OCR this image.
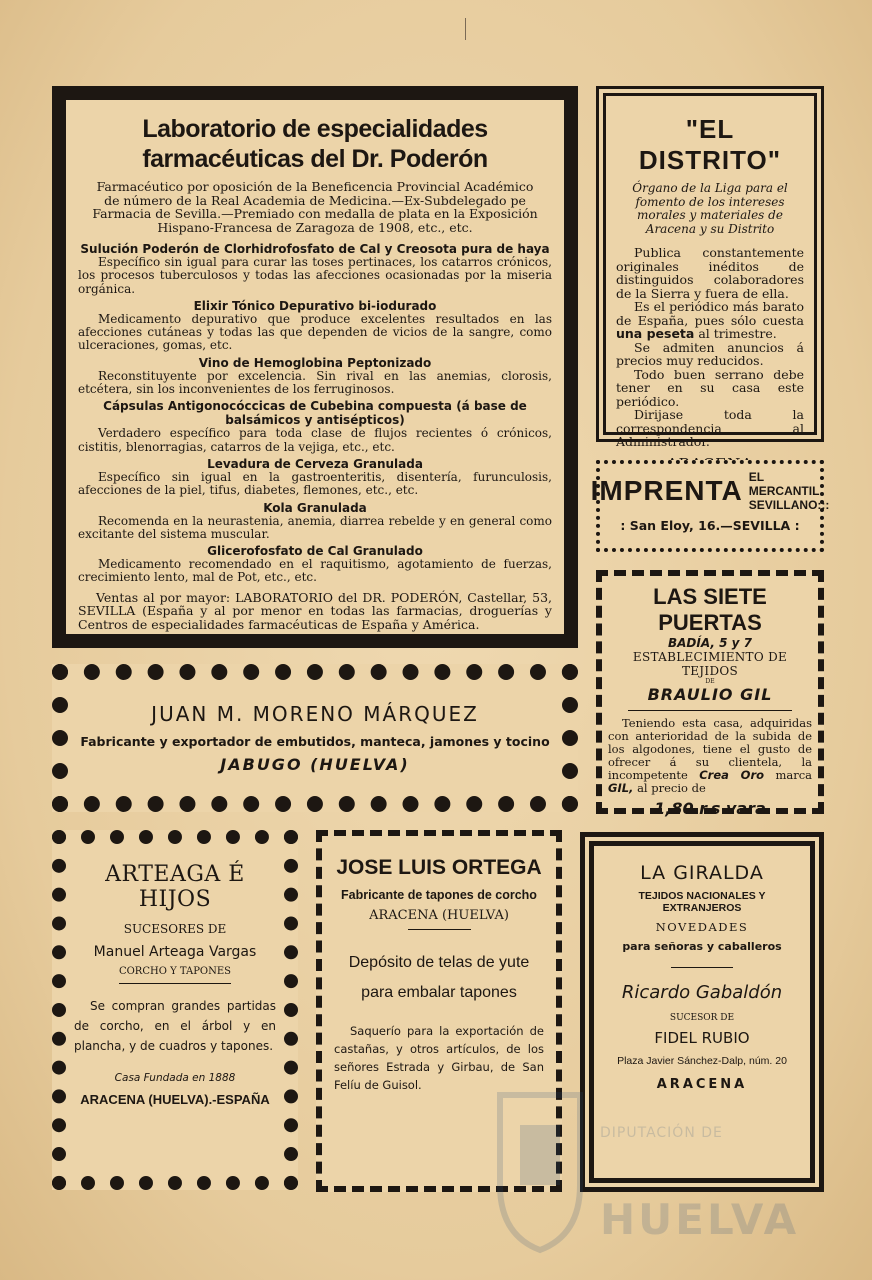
Laboratorio de especialidades farmacéuticas del Dr. Poderón
Farmacéutico por oposición de la Beneficencia Provincial Académico de número de la Real Academia de Medicina.—Ex-Subdelegado pe Farmacia de Sevilla.—Premiado con medalla de plata en la Exposición Hispano-Francesa de Zaragoza de 1908, etc., etc.
Sulución Poderón de Clorhidrofosfato de Cal y Creosota pura de haya
Específico sin igual para curar las toses pertinaces, los catarros crónicos, los procesos tuberculosos y todas las afecciones ocasionadas por la miseria orgánica.
Elixir Tónico Depurativo bi-iodurado
Medicamento depurativo que produce excelentes resultados en las afecciones cutáneas y todas las que dependen de vicios de la sangre, como ulceraciones, gomas, etc.
Vino de Hemoglobina Peptonizado
Reconstituyente por excelencia. Sin rival en las anemias, clorosis, etcétera, sin los inconvenientes de los ferruginosos.
Cápsulas Antigonocóccicas de Cubebina compuesta (á base de balsámicos y antisépticos)
Verdadero específico para toda clase de flujos recientes ó crónicos, cistitis, blenorragias, catarros de la vejiga, etc., etc.
Levadura de Cerveza Granulada
Específico sin igual en la gastroenteritis, disentería, furunculosis, afecciones de la piel, tifus, diabetes, flemones, etc., etc.
Kola Granulada
Recomenda en la neurastenia, anemia, diarrea rebelde y en general como excitante del sistema muscular.
Glicerofosfato de Cal Granulado
Medicamento recomendado en el raquitismo, agotamiento de fuerzas, crecimiento lento, mal de Pot, etc., etc.
Ventas al por mayor: LABORATORIO del DR. PODERÓN, Castellar, 53, SEVILLA (España y al por menor en todas las farmacias, droguerías y Centros de especialidades farmacéuticas de España y América.
"EL DISTRITO"
Órgano de la Liga para el fomento de los intereses morales y materiales de Aracena y su Distrito
Publica constantemente originales inéditos de distinguidos colaboradores de la Sierra y fuera de ella.
Es el periódico más barato de España, pues sólo cuesta una peseta al trimestre.
Se admiten anuncios á precios muy reducidos.
Todo buen serrano debe tener en su casa este periódico.
Dirijase toda la correspondencia al Administrador.
IMPRENTA EL MERCANTIL
SEVILLANO:::
: San Eloy, 16.—SEVILLA :
LAS SIETE PUERTAS
BADÍA, 5 y 7
ESTABLECIMIENTO DE TEJIDOS
DE
BRAULIO GIL
Teniendo esta casa, adquiridas con anterioridad de la subida de los algodones, tiene el gusto de ofrecer á su clientela, la incompetente Crea Oro marca GIL, al precio de
1,80 r.s vara
JUAN M. MORENO MÁRQUEZ
Fabricante y exportador de embutidos, manteca, jamones y tocino
JABUGO (HUELVA)
ARTEAGA É HIJOS
SUCESORES DE
Manuel Arteaga Vargas
CORCHO Y TAPONES
Se compran grandes partidas de corcho, en el árbol y en plancha, y de cuadros y tapones.
Casa Fundada en 1888
ARACENA (HUELVA).-ESPAÑA
JOSE LUIS ORTEGA
Fabricante de tapones de corcho
ARACENA (HUELVA)
Depósito de telas de yute
para embalar tapones
Saquerío para la exportación de castañas, y otros artículos, de los señores Estrada y Girbau, de San Felíu de Guisol.
LA GIRALDA
TEJIDOS NACIONALES Y EXTRANJEROS
NOVEDADES
para señoras y caballeros
Ricardo Gabaldón
SUCESOR DE
FIDEL RUBIO
Plaza Javier Sánchez-Dalp, núm. 20
ARACENA
HUELVA
